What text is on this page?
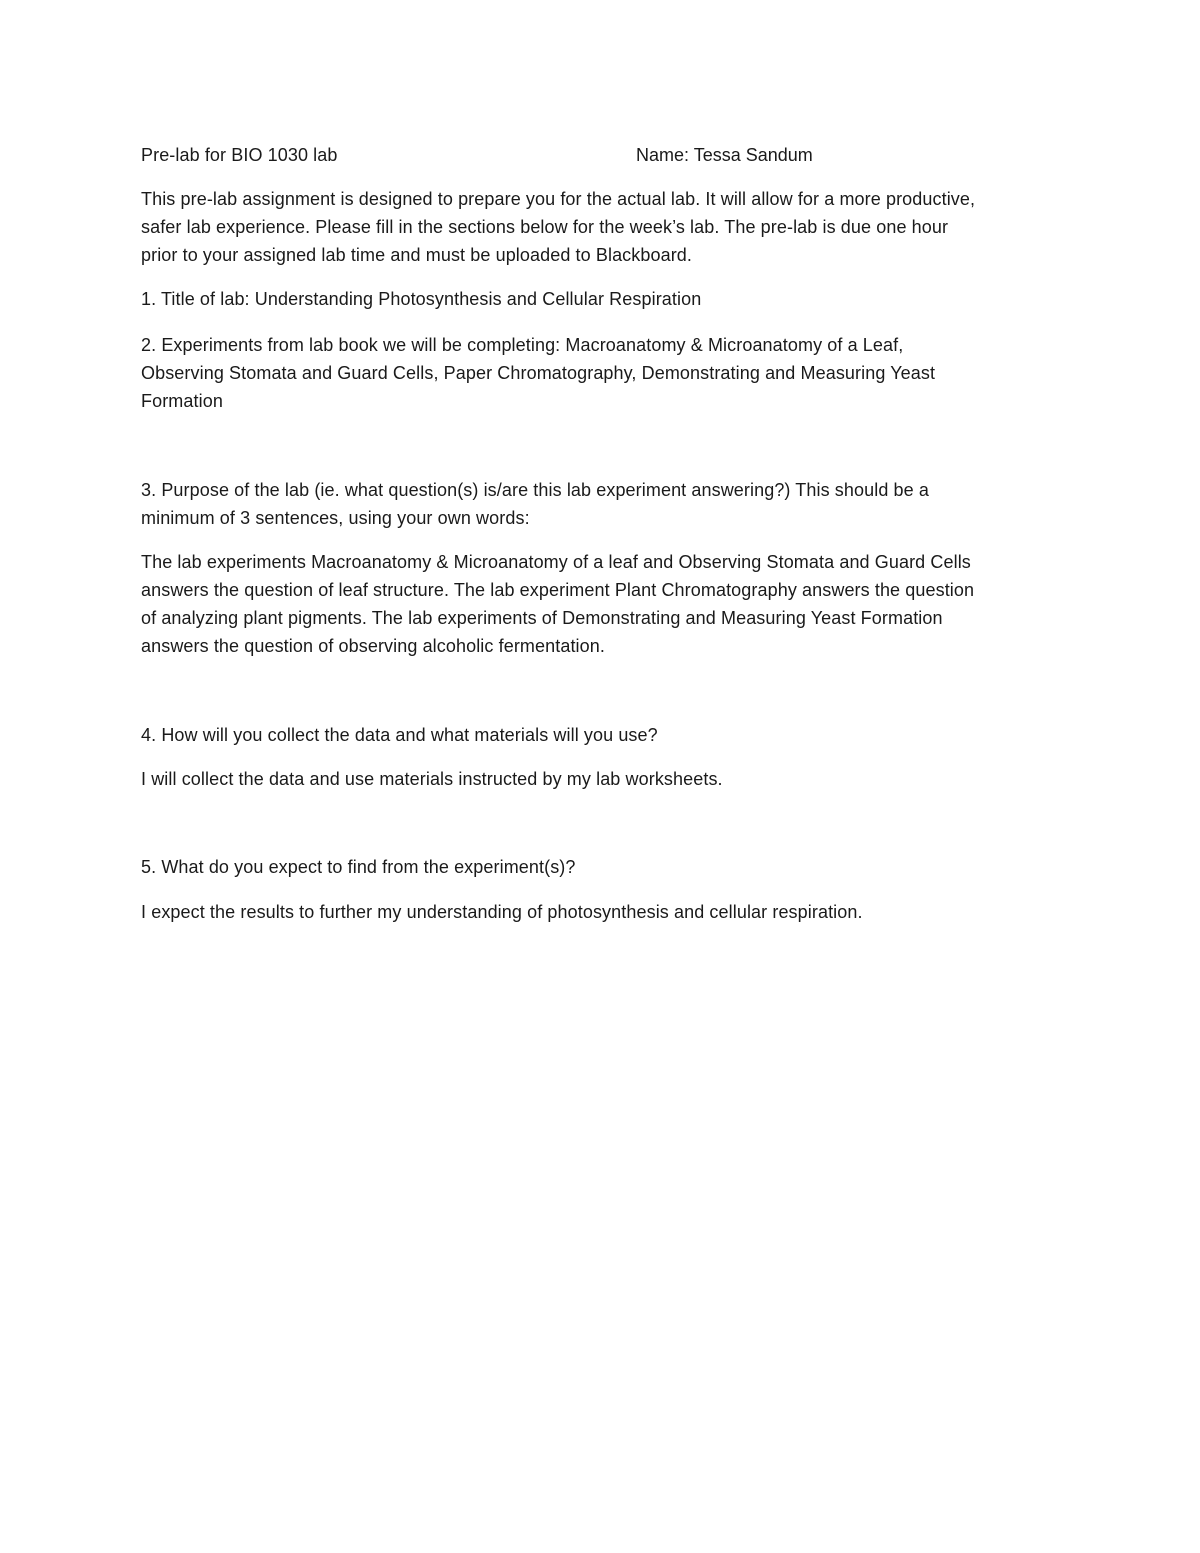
Pre-lab for BIO 1030 lab	Name: Tessa Sandum
This pre-lab assignment is designed to prepare you for the actual lab. It will allow for a more productive,
safer lab experience. Please fill in the sections below for the week’s lab. The pre-lab is due one hour
prior to your assigned lab time and must be uploaded to Blackboard.
1. Title of lab: Understanding Photosynthesis and Cellular Respiration
2. Experiments from lab book we will be completing: Macroanatomy & Microanatomy of a Leaf,
Observing Stomata and Guard Cells, Paper Chromatography, Demonstrating and Measuring Yeast
Formation
3. Purpose of the lab (ie. what question(s) is/are this lab experiment answering?) This should be a
minimum of 3 sentences, using your own words:
The lab experiments Macroanatomy & Microanatomy of a leaf and Observing Stomata and Guard Cells
answers the question of leaf structure. The lab experiment Plant Chromatography answers the question
of analyzing plant pigments. The lab experiments of Demonstrating and Measuring Yeast Formation
answers the question of observing alcoholic fermentation.
4. How will you collect the data and what materials will you use?
I will collect the data and use materials instructed by my lab worksheets.
5. What do you expect to find from the experiment(s)?
I expect the results to further my understanding of photosynthesis and cellular respiration.
